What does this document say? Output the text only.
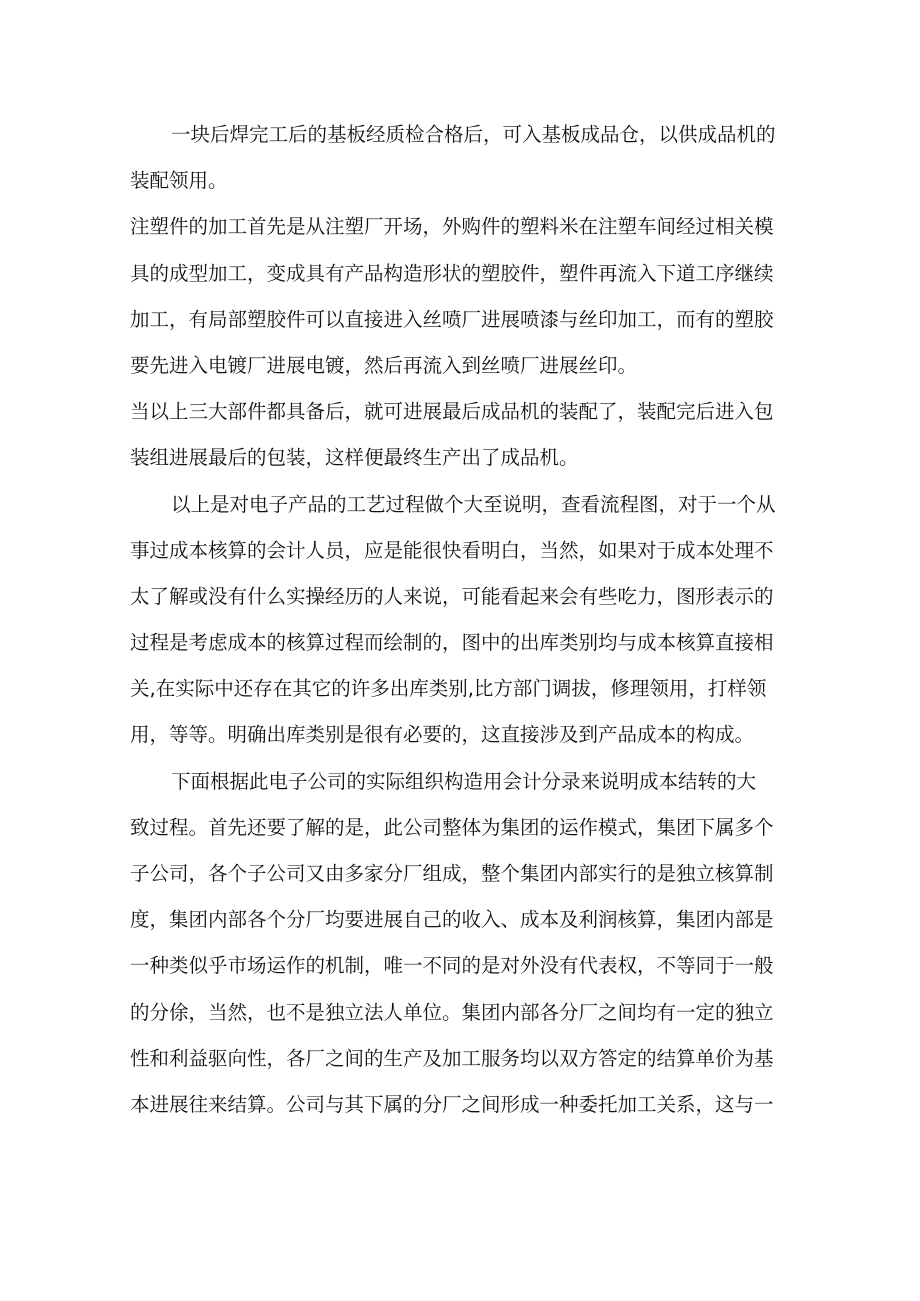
一块后焊完工后的基板经质检合格后，可入基板成品仓，以供成品机的
装配领用。
注塑件的加工首先是从注塑厂开场，外购件的塑料米在注塑车间经过相关模
具的成型加工，变成具有产品构造形状的塑胶件，塑件再流入下道工序继续
加工，有局部塑胶件可以直接进入丝喷厂进展喷漆与丝印加工，而有的塑胶
要先进入电镀厂进展电镀，然后再流入到丝喷厂进展丝印。
当以上三大部件都具备后，就可进展最后成品机的装配了，装配完后进入包
装组进展最后的包装，这样便最终生产出了成品机。
以上是对电子产品的工艺过程做个大至说明，查看流程图，对于一个从
事过成本核算的会计人员，应是能很快看明白，当然，如果对于成本处理不
太了解或没有什么实操经历的人来说，可能看起来会有些吃力，图形表示的
过程是考虑成本的核算过程而绘制的，图中的出库类别均与成本核算直接相
关,在实际中还存在其它的许多出库类别,比方部门调拔，修理领用，打样领
用，等等。明确出库类别是很有必要的，这直接涉及到产品成本的构成。
下面根据此电子公司的实际组织构造用会计分录来说明成本结转的大
致过程。首先还要了解的是，此公司整体为集团的运作模式，集团下属多个
子公司，各个子公司又由多家分厂组成，整个集团内部实行的是独立核算制
度，集团内部各个分厂均要进展自己的收入、成本及利润核算，集团内部是
一种类似乎市场运作的机制，唯一不同的是对外没有代表权，不等同于一般
的分俆，当然，也不是独立法人单位。集团内部各分厂之间均有一定的独立
性和利益驱向性，各厂之间的生产及加工服务均以双方答定的结算单价为基
本进展往来结算。公司与其下属的分厂之间形成一种委托加工关系，这与一
